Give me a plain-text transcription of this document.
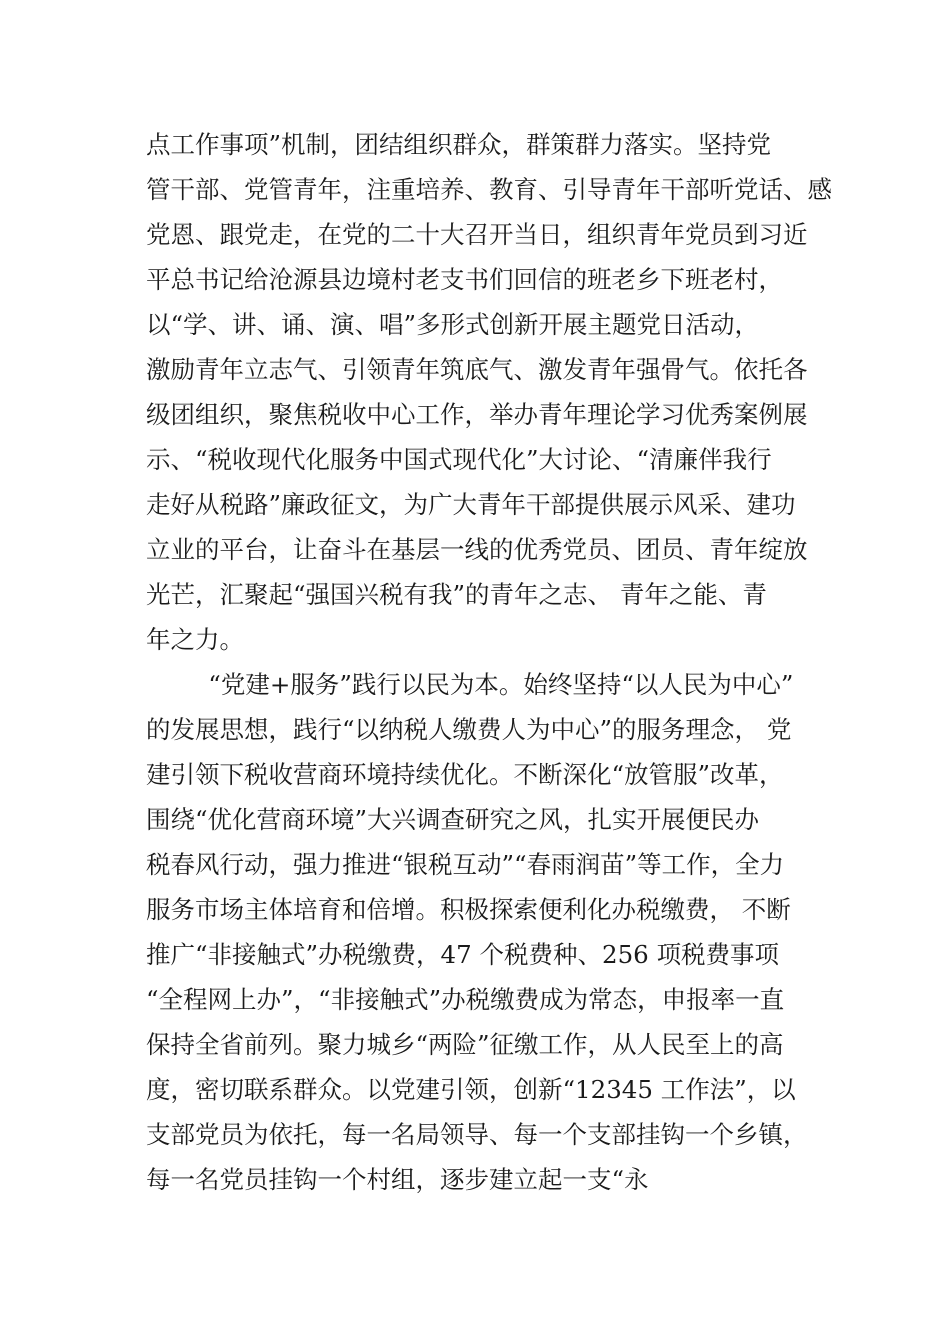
点工作事项”机制，团结组织群众，群策群力落实。坚持党
管干部、党管青年，注重培养、教育、引导青年干部听党话、感
党恩、跟党走，在党的二十大召开当日，组织青年党员到习近
平总书记给沧源县边境村老支书们回信的班老乡下班老村，
以“学、讲、诵、演、唱”多形式创新开展主题党日活动，
激励青年立志气、引领青年筑底气、激发青年强骨气。依托各
级团组织，聚焦税收中心工作，举办青年理论学习优秀案例展
示、“税收现代化服务中国式现代化”大讨论、“清廉伴我行
走好从税路”廉政征文，为广大青年干部提供展示风采、建功
立业的平台，让奋斗在基层一线的优秀党员、团员、青年绽放
光芒，汇聚起“强国兴税有我”的青年之志、 青年之能、青
年之力。
“党建+服务”践行以民为本。始终坚持“以人民为中心”
的发展思想，践行“以纳税人缴费人为中心”的服务理念， 党
建引领下税收营商环境持续优化。不断深化“放管服”改革，
围绕“优化营商环境”大兴调查研究之风，扎实开展便民办
税春风行动，强力推进“银税互动”“春雨润苗”等工作，全力
服务市场主体培育和倍增。积极探索便利化办税缴费， 不断
推广“非接触式”办税缴费，47 个税费种、256 项税费事项
“全程网上办”，“非接触式”办税缴费成为常态，申报率一直
保持全省前列。聚力城乡“两险”征缴工作，从人民至上的高
度，密切联系群众。以党建引领，创新“12345 工作法”，以
支部党员为依托，每一名局领导、每一个支部挂钩一个乡镇，
每一名党员挂钩一个村组，逐步建立起一支“永
